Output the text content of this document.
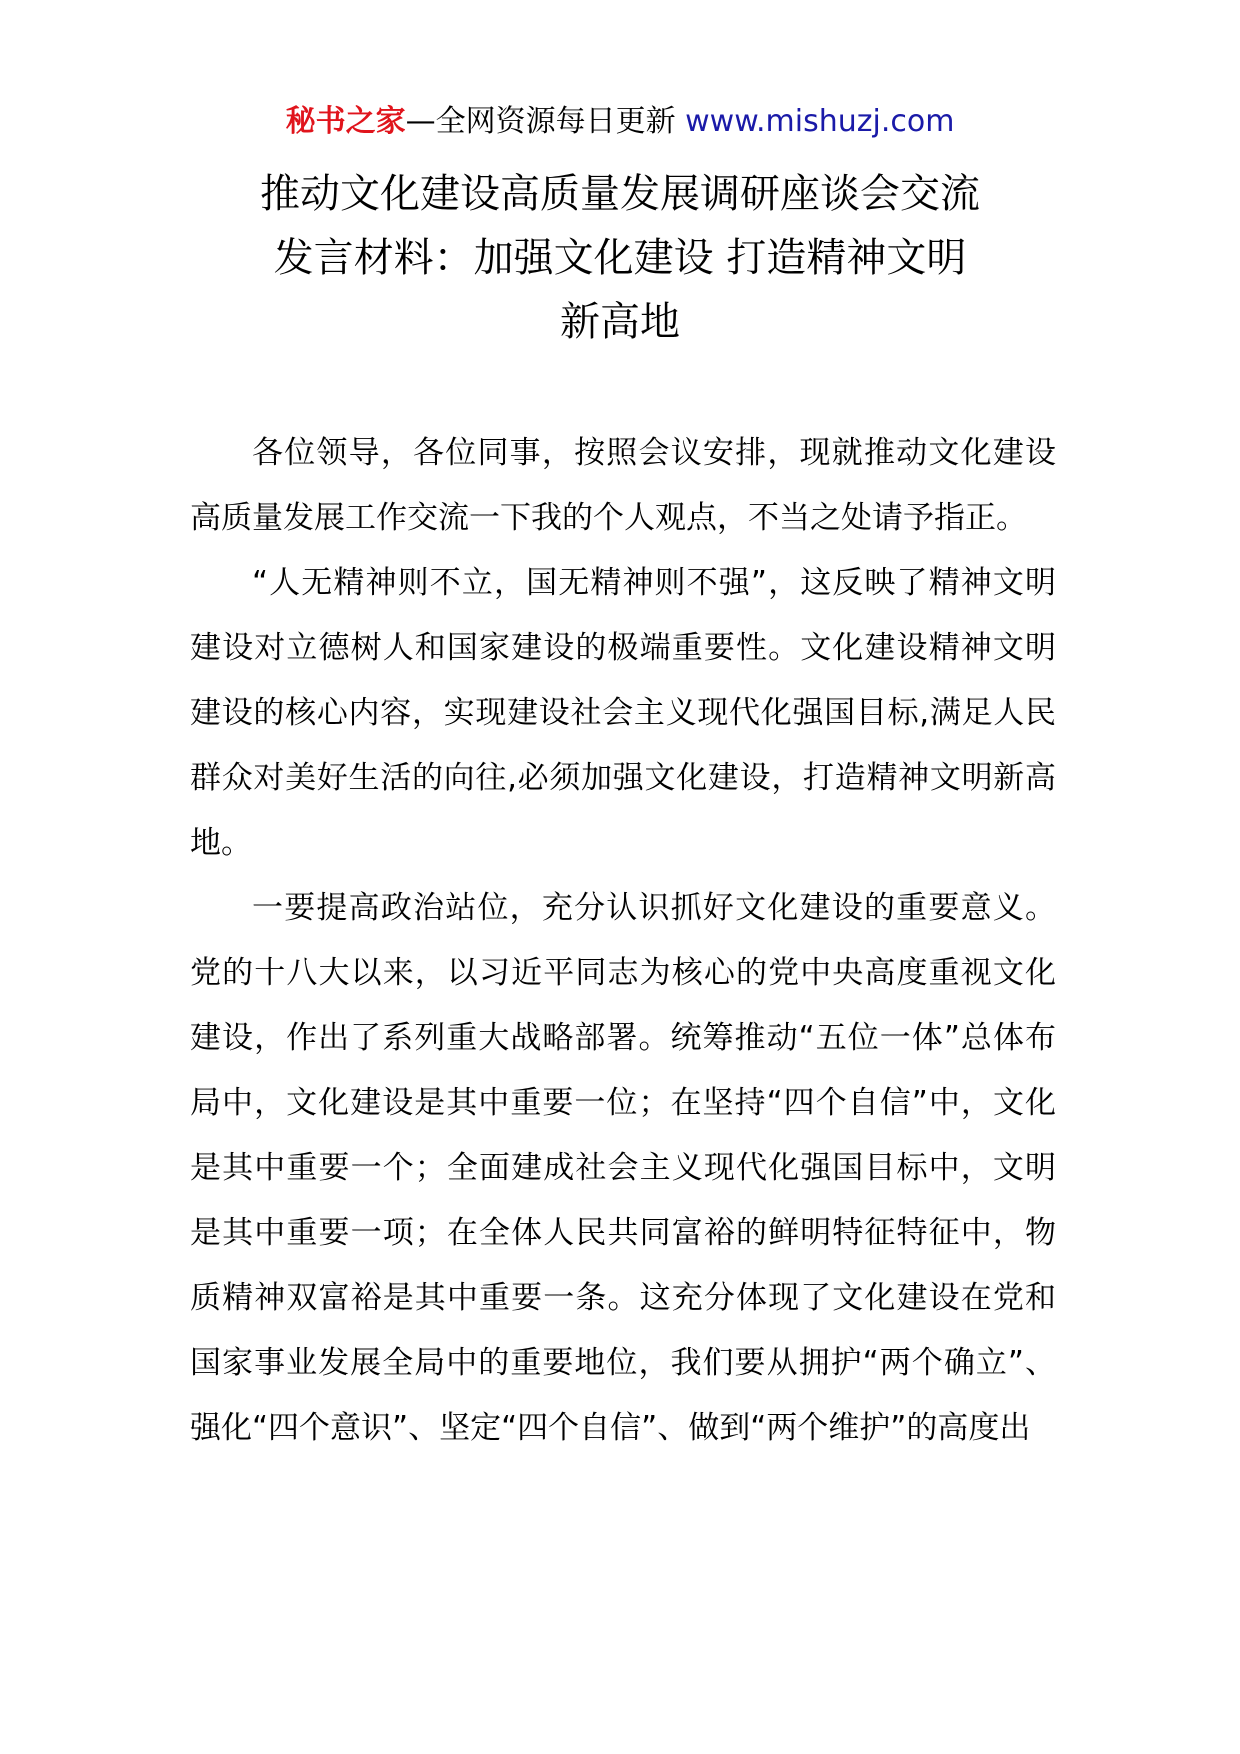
秘书之家—全网资源每日更新 www.mishuzj.com
推动文化建设高质量发展调研座谈会交流
发言材料：加强文化建设 打造精神文明
新高地

各位领导，各位同事，按照会议安排，现就推动文化建设高质量发展工作交流一下我的个人观点，不当之处请予指正。

“人无精神则不立，国无精神则不强”，这反映了精神文明建设对立德树人和国家建设的极端重要性。文化建设精神文明建设的核心内容，实现建设社会主义现代化强国目标,满足人民群众对美好生活的向往,必须加强文化建设，打造精神文明新高地。

一要提高政治站位，充分认识抓好文化建设的重要意义。党的十八大以来，以习近平同志为核心的党中央高度重视文化建设，作出了系列重大战略部署。统筹推动“五位一体”总体布局中，文化建设是其中重要一位；在坚持“四个自信”中，文化是其中重要一个；全面建成社会主义现代化强国目标中，文明是其中重要一项；在全体人民共同富裕的鲜明特征特征中，物质精神双富裕是其中重要一条。这充分体现了文化建设在党和国家事业发展全局中的重要地位，我们要从拥护“两个确立”、强化“四个意识”、坚定“四个自信”、做到“两个维护”的高度出
